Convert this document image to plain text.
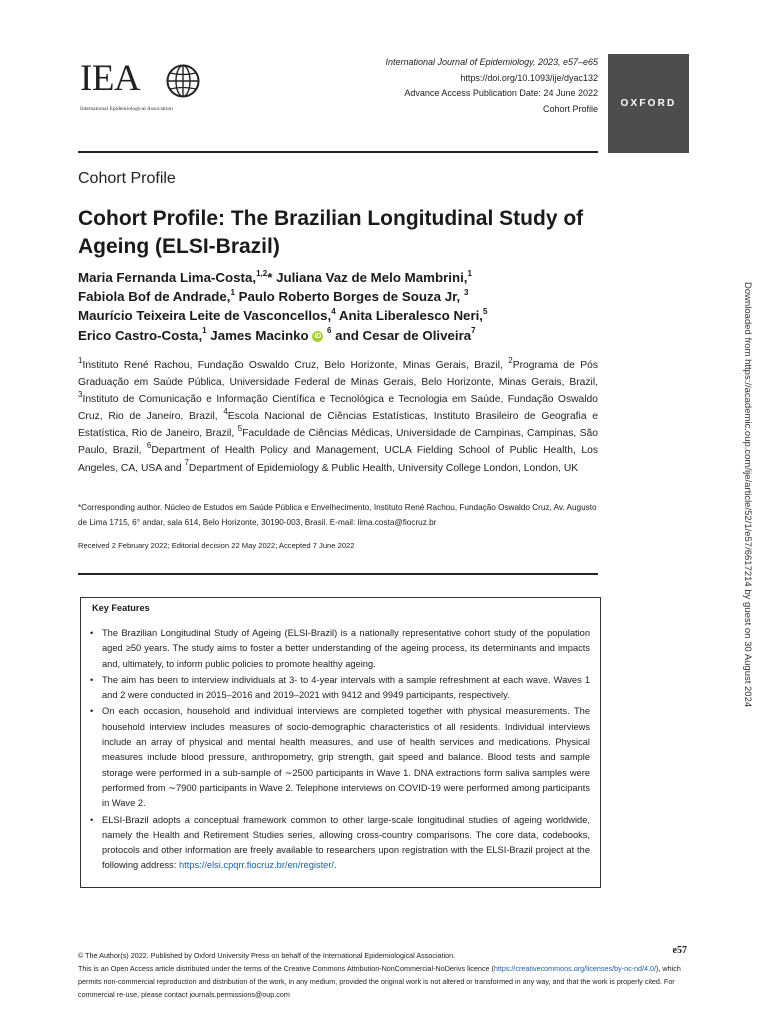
IEA
International Epidemiological Association
International Journal of Epidemiology, 2023, e57–e65
https://doi.org/10.1093/ije/dyac132
Advance Access Publication Date: 24 June 2022
Cohort Profile OXFORD
Cohort Profile
Cohort Profile: The Brazilian Longitudinal Study of Ageing (ELSI-Brazil)
Maria Fernanda Lima-Costa,$^{1,2}$* Juliana Vaz de Melo Mambrini,$^1$
Fabiola Bof de Andrade,$^1$ Paulo Roberto Borges de Souza Jr, $^3$
Maurício Teixeira Leite de Vasconcellos,$^4$ Anita Liberalesco Neri,$^5$
Erico Castro-Costa,$^1$ James Macinko iD $^6$ and Cesar de Oliveira$^7$
$^1$Instituto René Rachou, Fundação Oswaldo Cruz, Belo Horizonte, Minas Gerais, Brazil, $^2$Programa de Pós Graduação em Saúde Pública, Universidade Federal de Minas Gerais, Belo Horizonte, Minas Gerais, Brazil, $^3$Instituto de Comunicação e Informação Científica e Tecnológica e Tecnologia em Saúde, Fundação Oswaldo Cruz, Rio de Janeiro, Brazil, $^4$Escola Nacional de Ciências Estatísticas, Instituto Brasileiro de Geografia e Estatística, Rio de Janeiro, Brazil, $^5$Faculdade de Ciências Médicas, Universidade de Campinas, Campinas, São Paulo, Brazil, $^6$Department of Health Policy and Management, UCLA Fielding School of Public Health, Los Angeles, CA, USA and $^7$Department of Epidemiology & Public Health, University College London, London, UK
*Corresponding author. Núcleo de Estudos em Saúde Pública e Envelhecimento, Instituto René Rachou, Fundação Oswaldo Cruz, Av. Augusto de Lima 1715, 6° andar, sala 614, Belo Horizonte, 30190-003, Brasil. E-mail: lima.costa@fiocruz.br
Received 2 February 2022; Editorial decision 22 May 2022; Accepted 7 June 2022
Key Features
• The Brazilian Longitudinal Study of Ageing (ELSI-Brazil) is a nationally representative cohort study of the population aged ≥50 years. The study aims to foster a better understanding of the ageing process, its determinants and impacts and, ultimately, to inform public policies to promote healthy ageing.
• The aim has been to interview individuals at 3- to 4-year intervals with a sample refreshment at each wave. Waves 1 and 2 were conducted in 2015–2016 and 2019–2021 with 9412 and 9949 participants, respectively.
• On each occasion, household and individual interviews are completed together with physical measurements. The household interview includes measures of socio-demographic characteristics of all residents. Individual interviews include an array of physical and mental health measures, and use of health services and medications. Physical measures include blood pressure, anthropometry, grip strength, gait speed and balance. Blood tests and sample storage were performed in a sub-sample of ∼2500 participants in Wave 1. DNA extractions form saliva samples were performed from ∼7900 participants in Wave 2. Telephone interviews on COVID-19 were performed among participants in Wave 2.
• ELSI-Brazil adopts a conceptual framework common to other large-scale longitudinal studies of ageing worldwide, namely the Health and Retirement Studies series, allowing cross-country comparisons. The core data, codebooks, protocols and other information are freely available to researchers upon registration with the ELSI-Brazil project at the following address: https://elsi.cpqrr.fiocruz.br/en/register/.
© The Author(s) 2022. Published by Oxford University Press on behalf of the International Epidemiological Association.
This is an Open Access article distributed under the terms of the Creative Commons Attribution-NonCommercial-NoDerivs licence (https://creativecommons.org/licenses/by-nc-nd/4.0/), which permits non-commercial reproduction and distribution of the work, in any medium, provided the original work is not altered or transformed in any way, and that the work is properly cited. For commercial re-use, please contact journals.permissions@oup.com
e57
Downloaded from https://academic.oup.com/ije/article/52/1/e57/6617214 by guest on 30 August 2024
